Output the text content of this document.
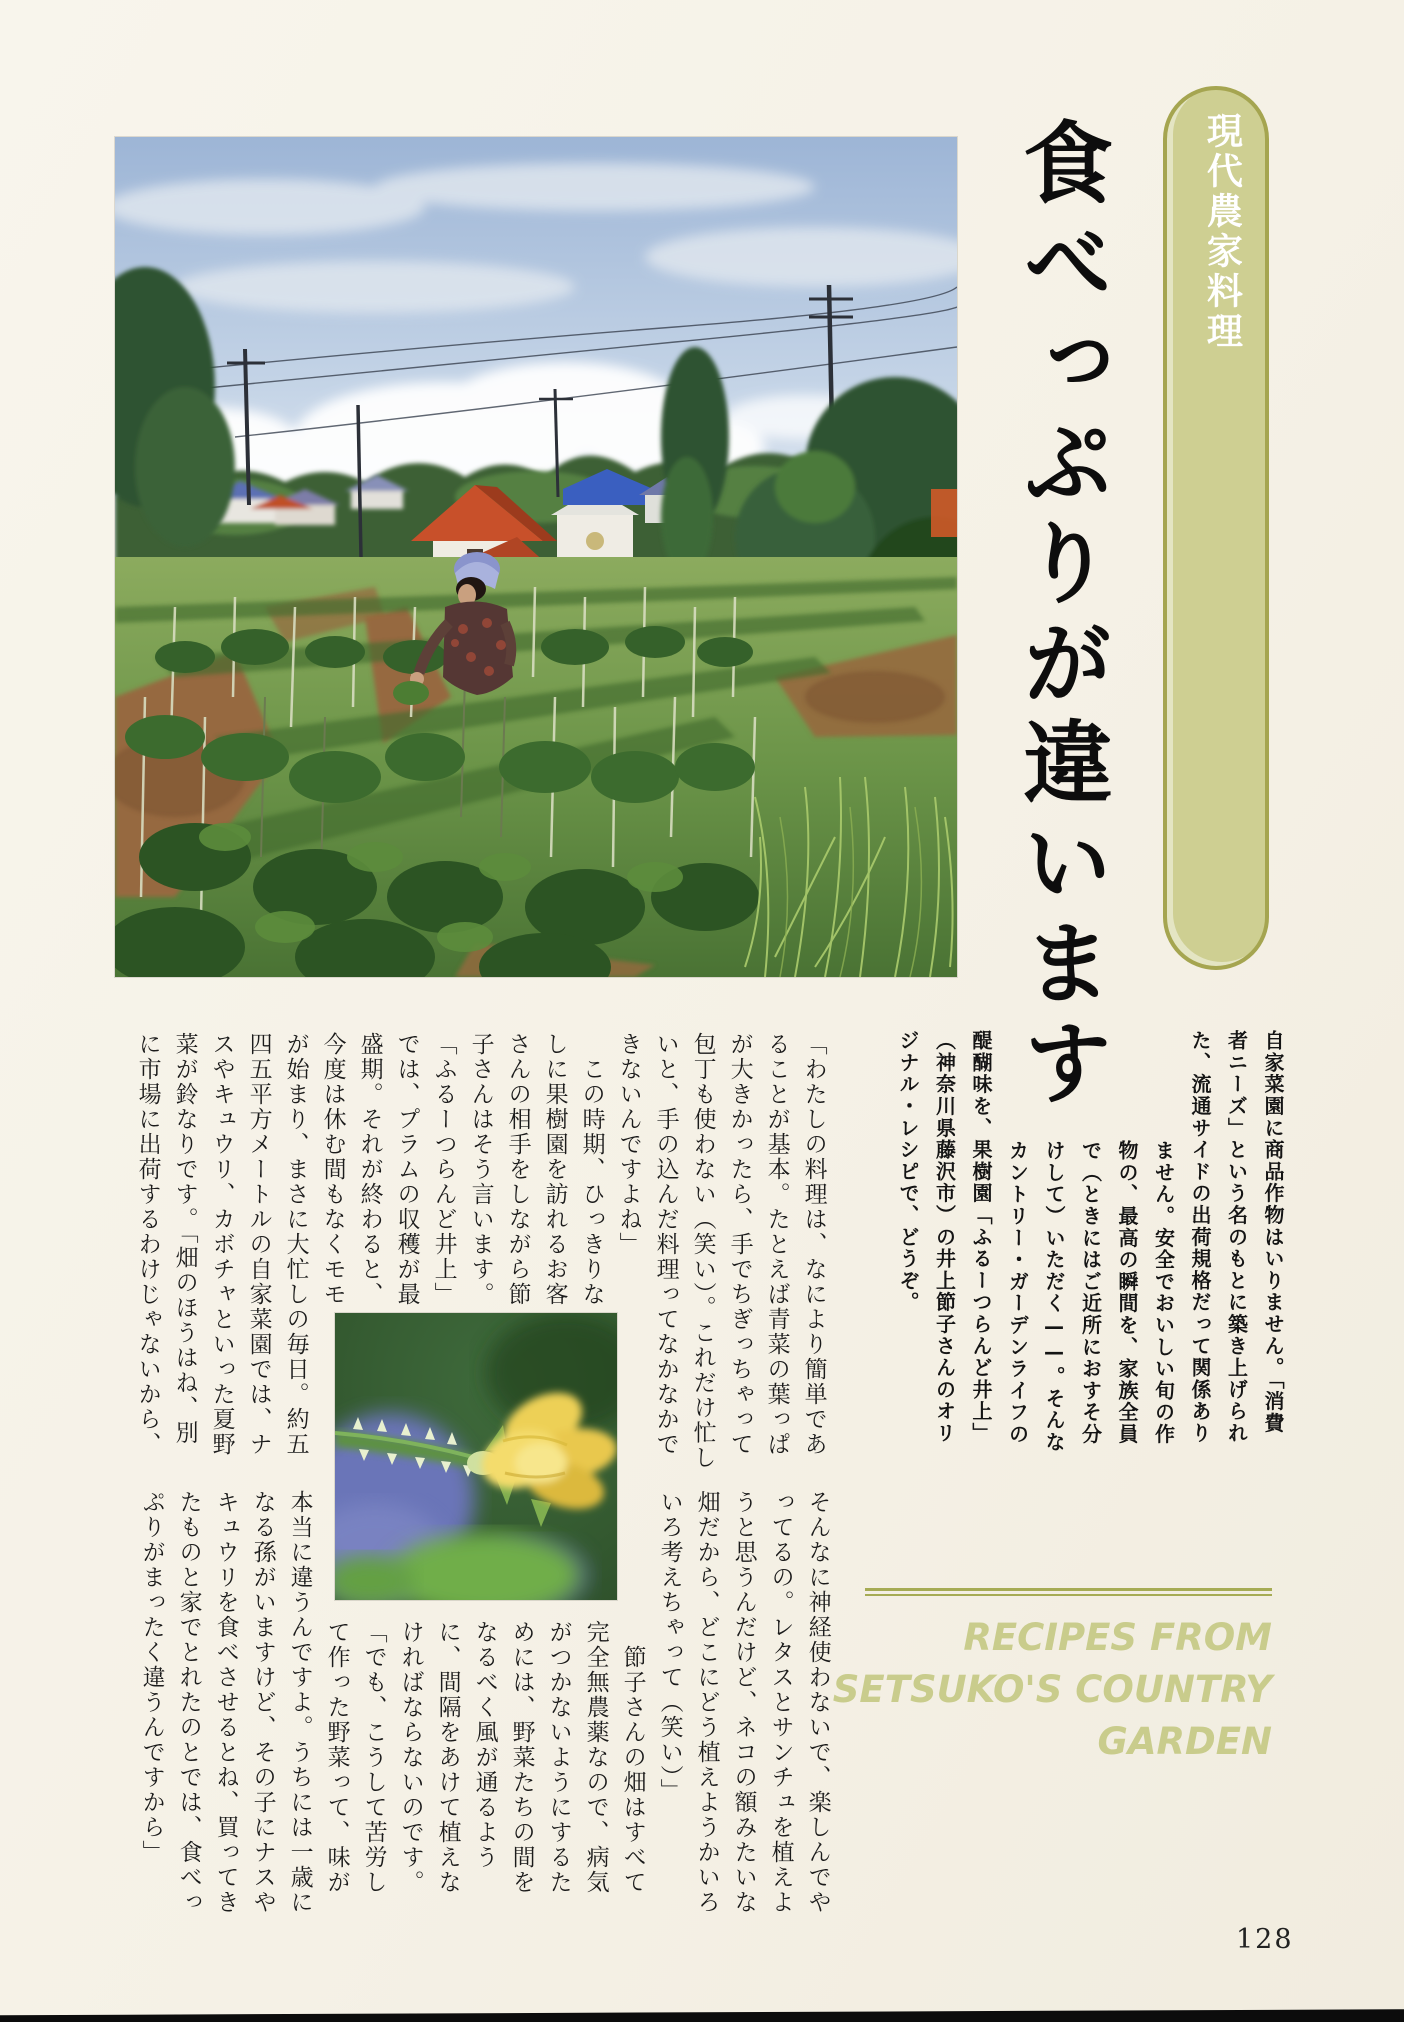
現代農家料理
食べっぷりが違います
自家菜園に商品作物はいりません。「消費
者ニーズ」という名のもとに築き上げられ
た、流通サイドの出荷規格だって関係あり
ません。安全でおいしい旬の作
物の、最高の瞬間を、家族全員
で（ときにはご近所におすそ分
けして）いただく——。そんな
カントリー・ガーデンライフの
醍醐味を、果樹園「ふるーつらんど井上」
（神奈川県藤沢市）の井上節子さんのオリ
ジナル・レシピで、どうぞ。
「わたしの料理は、なにより簡単であ
ることが基本。たとえば青菜の葉っぱ
が大きかったら、手でちぎっちゃって
包丁も使わない（笑い）。これだけ忙し
いと、手の込んだ料理ってなかなかで
きないんですよね」
　この時期、ひっきりな
しに果樹園を訪れるお客
さんの相手をしながら節
子さんはそう言います。
「ふるーつらんど井上」
では、プラムの収穫が最
盛期。それが終わると、
今度は休む間もなくモモ
が始まり、まさに大忙しの毎日。約五
四五平方メートルの自家菜園では、ナ
スやキュウリ、カボチャといった夏野
菜が鈴なりです。「畑のほうはね、別
に市場に出荷するわけじゃないから、
そんなに神経使わないで、楽しんでや
ってるの。レタスとサンチュを植えよ
うと思うんだけど、ネコの額みたいな
畑だから、どこにどう植えようかいろ
いろ考えちゃって（笑い）」
　節子さんの畑はすべて
完全無農薬なので、病気
がつかないようにするた
めには、野菜たちの間を
なるべく風が通るよう
に、間隔をあけて植えな
ければならないのです。
「でも、こうして苦労し
て作った野菜って、味が
本当に違うんですよ。うちには一歳に
なる孫がいますけど、その子にナスや
キュウリを食べさせるとね、買ってき
たものと家でとれたのとでは、食べっ
ぷりがまったく違うんですから」	RECIPES FROM
SETSUKO'S COUNTRY
GARDEN
128
